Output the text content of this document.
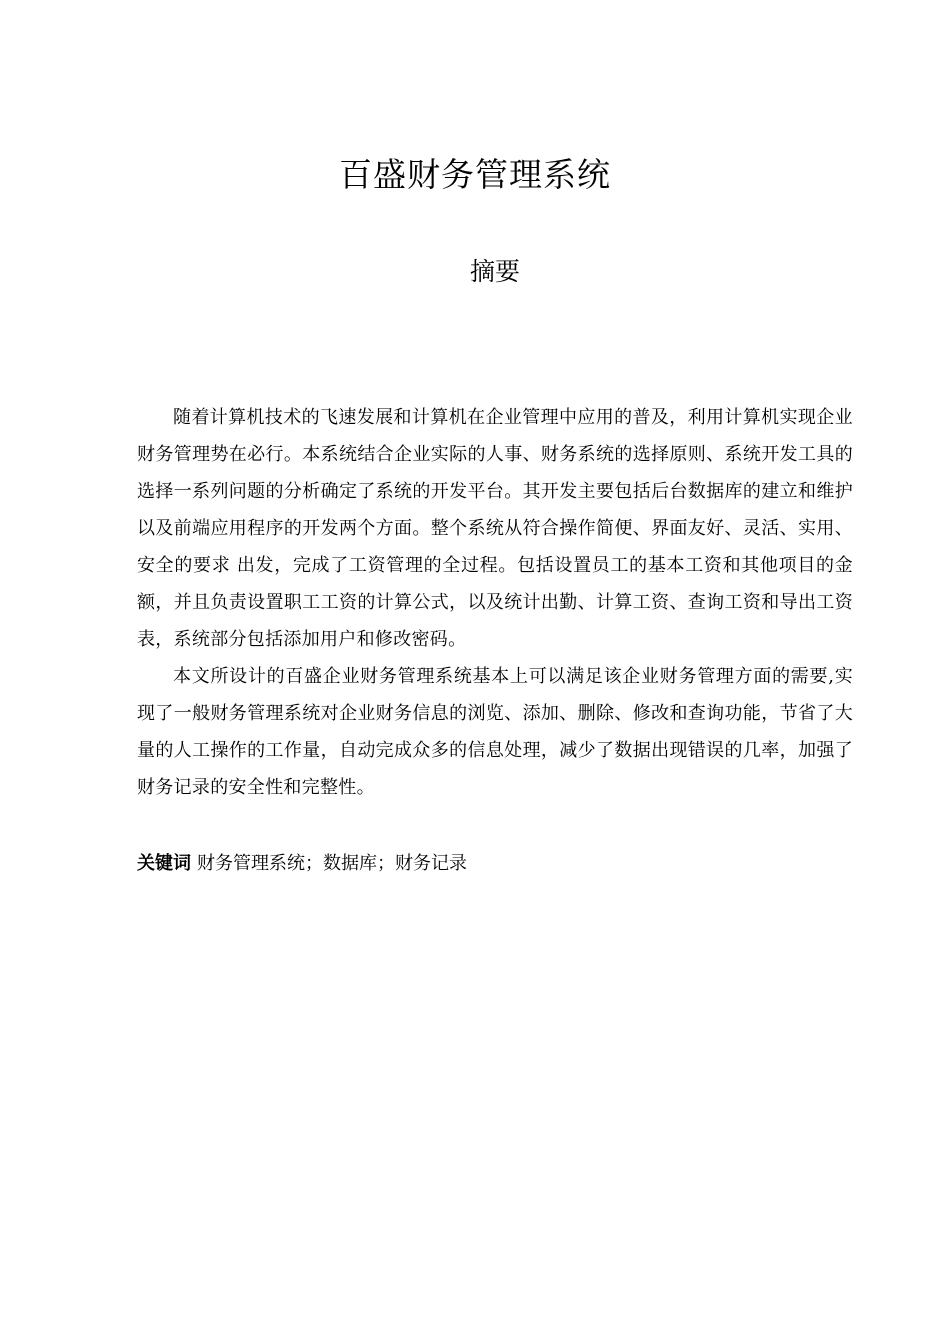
百盛财务管理系统
摘要

随着计算机技术的飞速发展和计算机在企业管理中应用的普及，利用计算机实现企业财务管理势在必行。本系统结合企业实际的人事、财务系统的选择原则、系统开发工具的选择一系列问题的分析确定了系统的开发平台。其开发主要包括后台数据库的建立和维护以及前端应用程序的开发两个方面。整个系统从符合操作简便、界面友好、灵活、实用、安全的要求 出发，完成了工资管理的全过程。包括设置员工的基本工资和其他项目的金额，并且负责设置职工工资的计算公式，以及统计出勤、计算工资、查询工资和导出工资表，系统部分包括添加用户和修改密码。

本文所设计的百盛企业财务管理系统基本上可以满足该企业财务管理方面的需要,实现了一般财务管理系统对企业财务信息的浏览、添加、删除、修改和查询功能，节省了大量的人工操作的工作量，自动完成众多的信息处理，减少了数据出现错误的几率，加强了财务记录的安全性和完整性。

关键词 财务管理系统；数据库；财务记录
